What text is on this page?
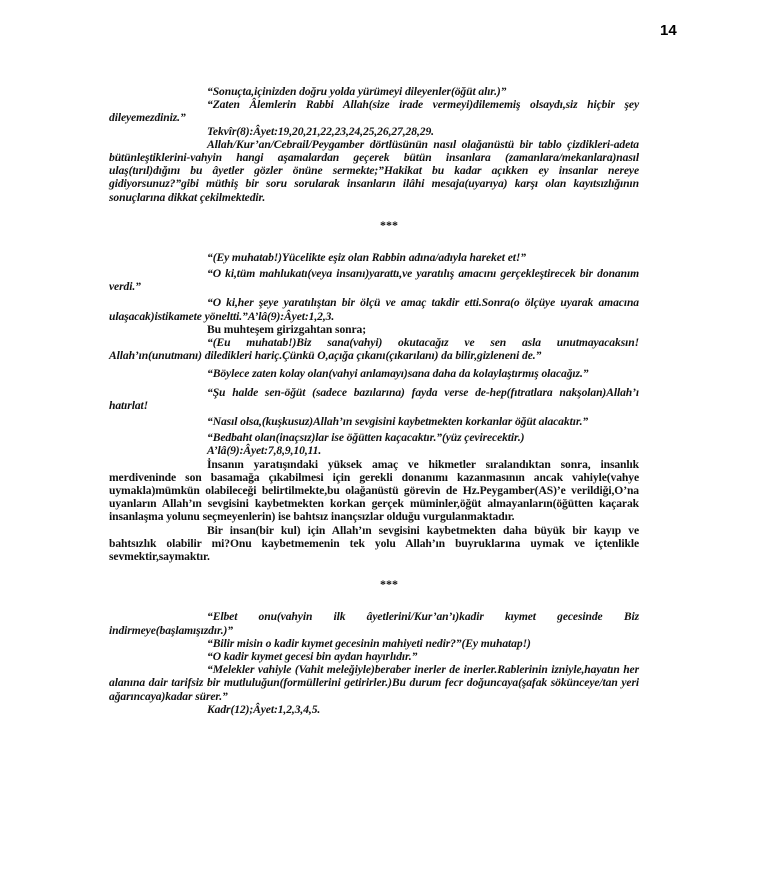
14

“Sonuçta,içinizden doğru yolda yürümeyi dileyenler(öğüt alır.)”

“Zaten Âlemlerin Rabbi Allah(size irade vermeyi)dilememiş olsaydı,siz hiçbir şey dileyemezdiniz.”

Tekvîr(8):Âyet:19,20,21,22,23,24,25,26,27,28,29.

Allah/Kur’an/Cebrail/Peygamber dörtlüsünün nasıl olağanüstü bir tablo çizdikleri-adeta bütünleştiklerini-vahyin hangi aşamalardan geçerek bütün insanlara (zamanlara/mekanlara)nasıl ulaş(tırıl)dığını bu âyetler gözler önüne sermekte;”Hakikat bu kadar açıkken ey insanlar nereye gidiyorsunuz?”gibi müthiş bir soru sorularak insanların ilâhi mesaja(uyarıya) karşı olan kayıtsızlığının sonuçlarına dikkat çekilmektedir.

***

“(Ey muhatab!)Yücelikte eşiz olan Rabbin adına/adıyla hareket et!”

“O ki,tüm mahlukatı(veya insanı)yarattı,ve yaratılış amacını gerçekleştirecek bir donanım verdi.”

“O ki,her şeye yaratılıştan bir ölçü ve amaç takdir etti.Sonra(o ölçüye uyarak amacına ulaşacak)istikamete yöneltti.”A’lâ(9):Âyet:1,2,3.

Bu muhteşem girizgahtan sonra;

“(Eu muhatab!)Biz sana(vahyi) okutacağız ve sen asla unutmayacaksın! Allah’ın(unutmanı) diledikleri hariç.Çünkü O,açığa çıkanı(çıkarılanı) da bilir,gizleneni de.”

“Böylece zaten kolay olan(vahyi anlamayı)sana daha da kolaylaştırmış olacağız.”

“Şu halde sen-öğüt (sadece bazılarına) fayda verse de-hep(fıtratlara nakşolan)Allah’ı hatırlat!

“Nasıl olsa,(kuşkusuz)Allah’ın sevgisini kaybetmekten korkanlar öğüt alacaktır.”

“Bedbaht olan(inaçsız)lar ise öğütten kaçacaktır.”(yüz çevirecektir.)

A’lâ(9):Âyet:7,8,9,10,11.

İnsanın yaratışındaki yüksek amaç ve hikmetler sıralandıktan sonra, insanlık merdiveninde son basamağa çıkabilmesi için gerekli donanımı kazanmasının ancak vahiyle(vahye uymakla)mümkün olabileceği belirtilmekte,bu olağanüstü görevin de Hz.Peygamber(AS)’e verildiği,O’na uyanların Allah’ın sevgisini kaybetmekten korkan gerçek müminler,öğüt almayanların(öğütten kaçarak insanlaşma yolunu seçmeyenlerin) ise bahtsız inançsızlar olduğu vurgulanmaktadır.

Bir insan(bir kul) için Allah’ın sevgisini kaybetmekten daha büyük bir kayıp ve bahtsızlık olabilir mi?Onu kaybetmemenin tek yolu Allah’ın buyruklarına uymak ve içtenlikle sevmektir,saymaktır.

***

“Elbet onu(vahyin ilk âyetlerini/Kur’an’ı)kadir kıymet gecesinde Biz indirmeye(başlamışızdır.)”

“Bilir misin o kadir kıymet gecesinin mahiyeti nedir?”(Ey muhatap!)

“O kadir kıymet gecesi bin aydan hayırlıdır.”

“Melekler vahiyle (Vahit meleğiyle)beraber inerler de inerler.Rablerinin izniyle,hayatın her alanına dair tarifsiz bir mutluluğun(formüllerini getirirler.)Bu durum fecr doğuncaya(şafak sökünceye/tan yeri ağarıncaya)kadar sürer.”

Kadr(12);Âyet:1,2,3,4,5.
